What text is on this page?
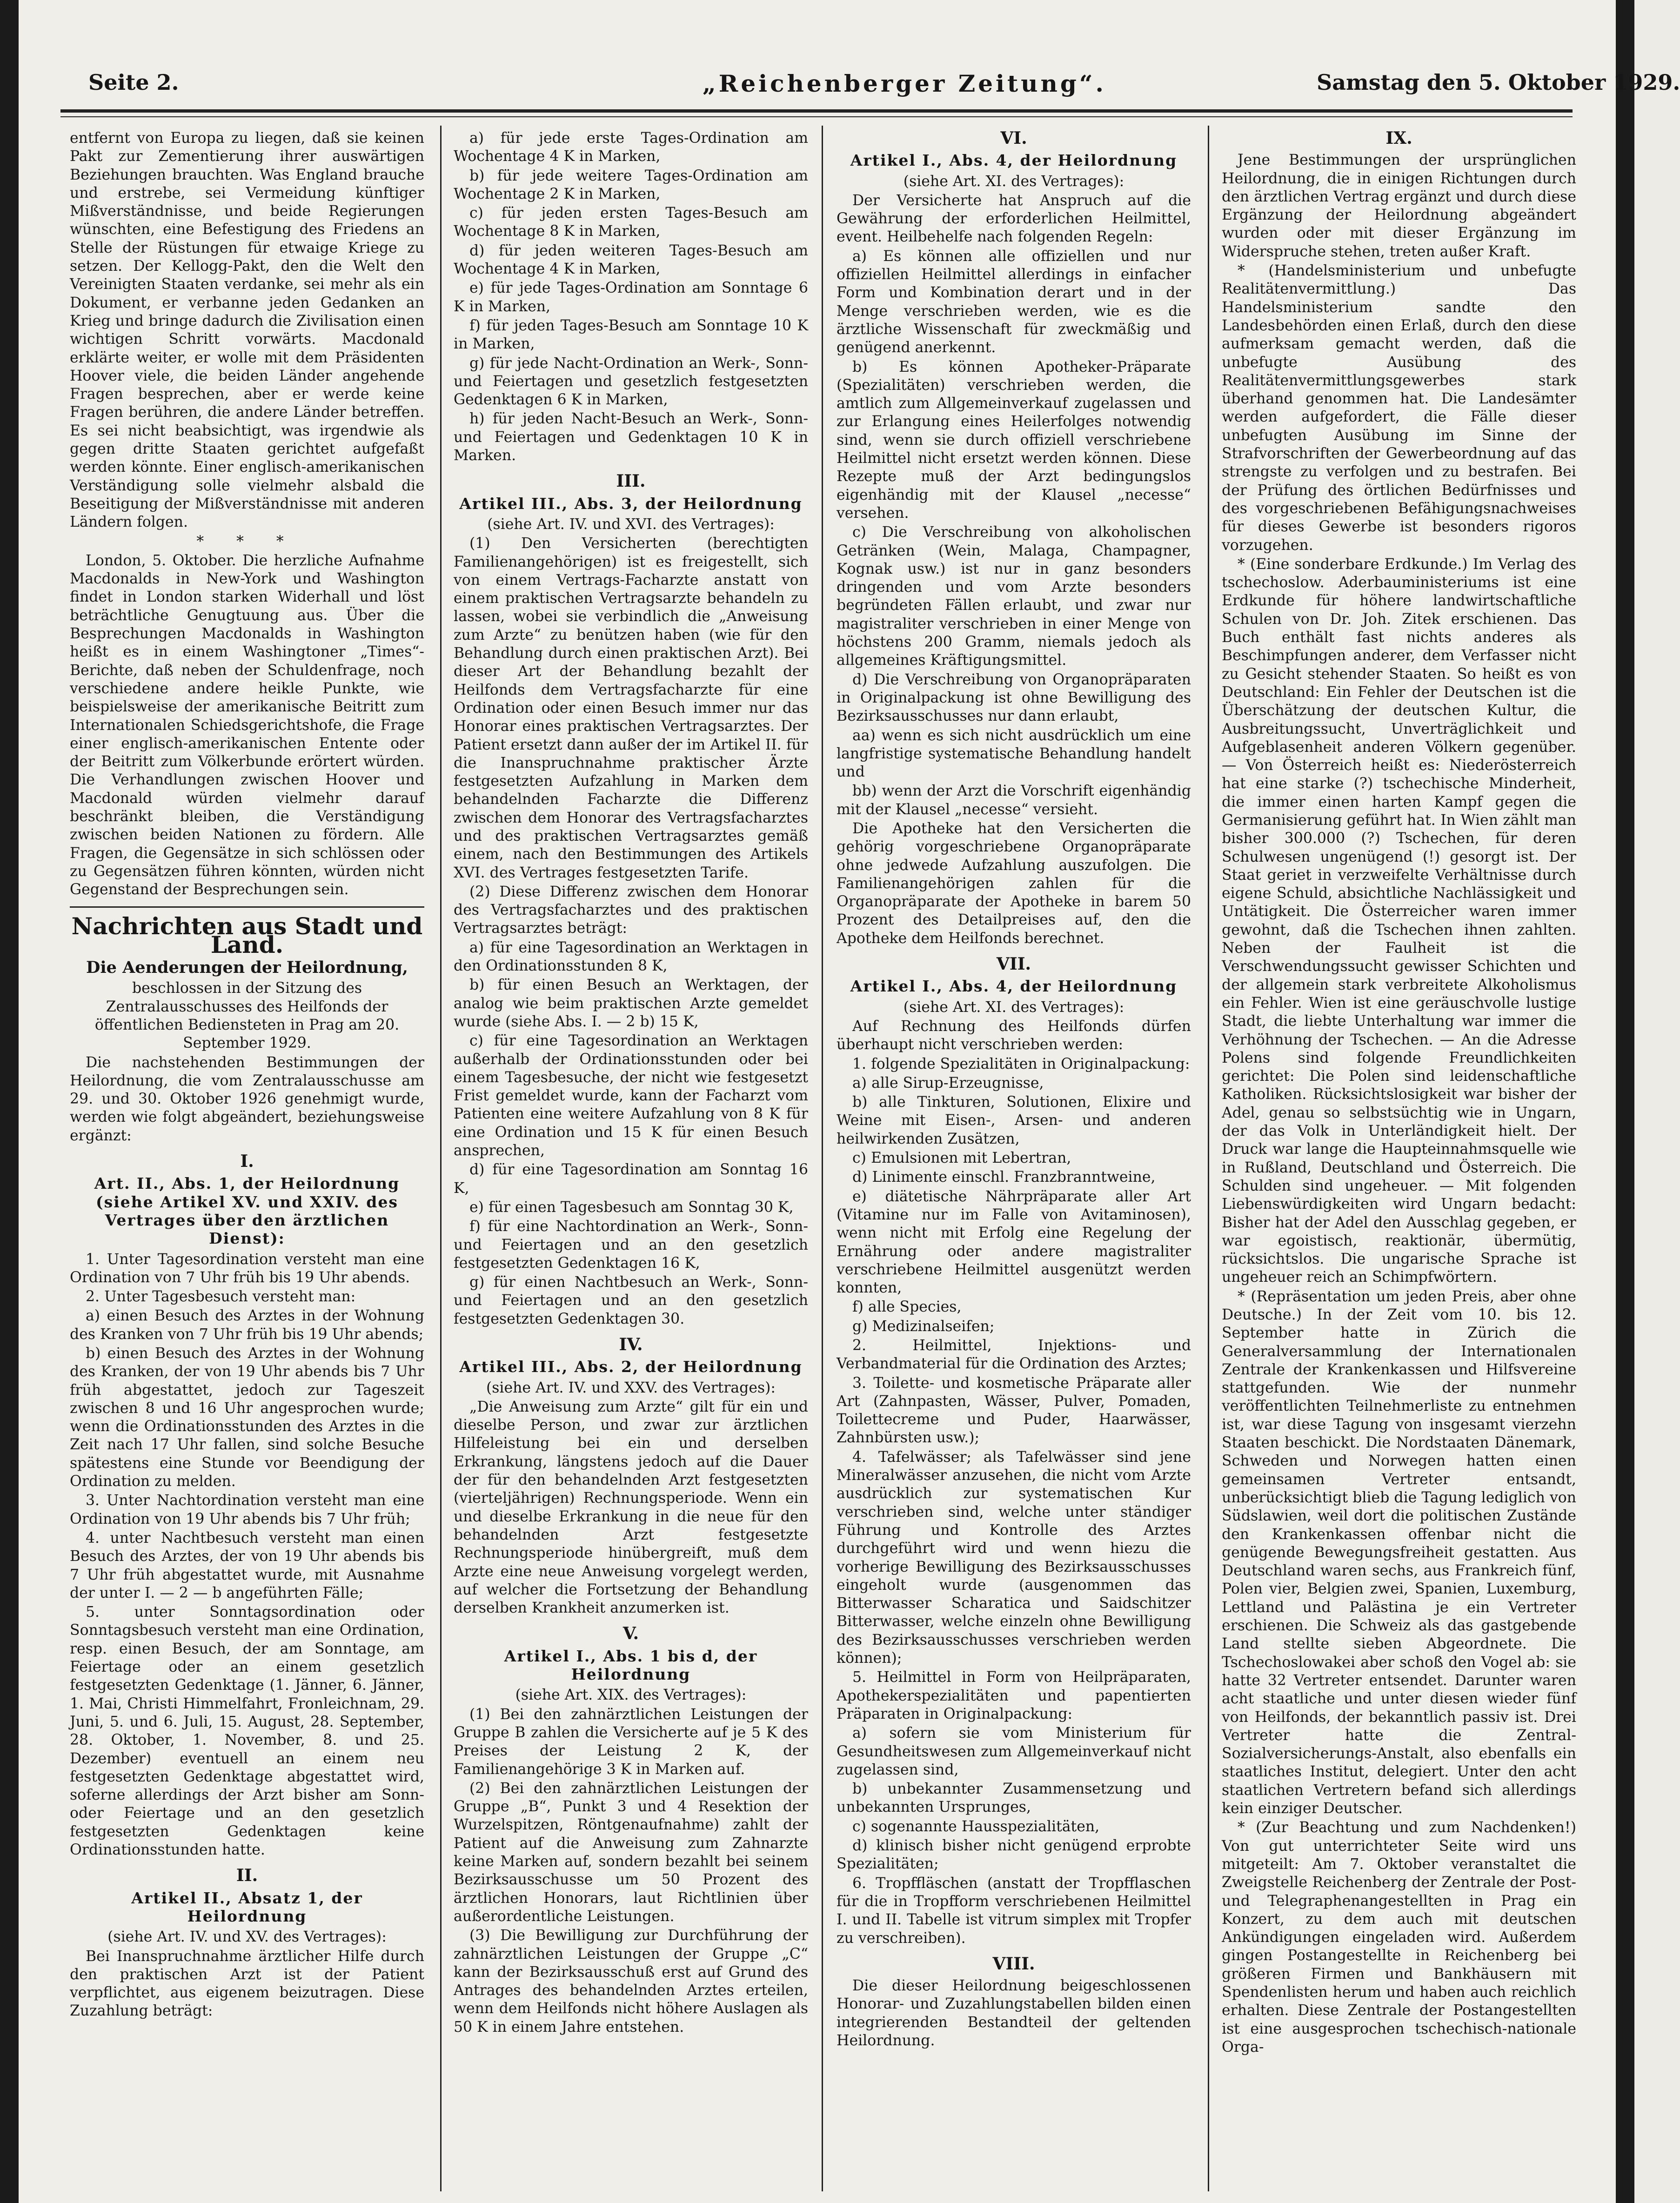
Seite 2.	„Reichenberger Zeitung“.	Samstag den 5. Oktober 1929.

entfernt von Europa zu liegen, daß sie keinen Pakt zur Zementierung ihrer auswärtigen Beziehungen brauchten. Was England brauche und erstrebe, sei Vermeidung künftiger Mißverständnisse, und beide Regierungen wünschten, eine Befestigung des Friedens an Stelle der Rüstungen für etwaige Kriege zu setzen. Der Kellogg-Pakt, den die Welt den Vereinigten Staaten verdanke, sei mehr als ein Dokument, er verbanne jeden Gedanken an Krieg und bringe dadurch die Zivilisation einen wichtigen Schritt vorwärts. Macdonald erklärte weiter, er wolle mit dem Präsidenten Hoover viele, die beiden Länder angehende Fragen besprechen, aber er werde keine Fragen berühren, die andere Länder betreffen. Es sei nicht beabsichtigt, was irgendwie als gegen dritte Staaten gerichtet aufgefaßt werden könnte. Einer englisch-amerikanischen Verständigung solle vielmehr alsbald die Beseitigung der Mißverständnisse mit anderen Ländern folgen.

* * *

London, 5. Oktober. Die herzliche Aufnahme Macdonalds in New-York und Washington findet in London starken Widerhall und löst beträchtliche Genugtuung aus. Über die Besprechungen Macdonalds in Washington heißt es in einem Washingtoner „Times“-Berichte, daß neben der Schuldenfrage, noch verschiedene andere heikle Punkte, wie beispielsweise der amerikanische Beitritt zum Internationalen Schiedsgerichtshofe, die Frage einer englisch-amerikanischen Entente oder der Beitritt zum Völkerbunde erörtert würden. Die Verhandlungen zwischen Hoover und Macdonald würden vielmehr darauf beschränkt bleiben, die Verständigung zwischen beiden Nationen zu fördern. Alle Fragen, die Gegensätze in sich schlössen oder zu Gegensätzen führen könnten, würden nicht Gegenstand der Besprechungen sein.

Nachrichten aus Stadt und Land.
Die Aenderungen der Heilordnung,

beschlossen in der Sitzung des Zentralausschusses des Heilfonds der öffentlichen Bediensteten in Prag am 20. September 1929.

Die nachstehenden Bestimmungen der Heilordnung, die vom Zentralausschusse am 29. und 30. Oktober 1926 genehmigt wurde, werden wie folgt abgeändert, beziehungsweise ergänzt:

I.
Art. II., Abs. 1, der Heilordnung (siehe Artikel XV. und XXIV. des Vertrages über den ärztlichen Dienst):

1. Unter Tagesordination versteht man eine Ordination von 7 Uhr früh bis 19 Uhr abends.

2. Unter Tagesbesuch versteht man:

a) einen Besuch des Arztes in der Wohnung des Kranken von 7 Uhr früh bis 19 Uhr abends;

b) einen Besuch des Arztes in der Wohnung des Kranken, der von 19 Uhr abends bis 7 Uhr früh abgestattet, jedoch zur Tageszeit zwischen 8 und 16 Uhr angesprochen wurde; wenn die Ordinationsstunden des Arztes in die Zeit nach 17 Uhr fallen, sind solche Besuche spätestens eine Stunde vor Beendigung der Ordination zu melden.

3. Unter Nachtordination versteht man eine Ordination von 19 Uhr abends bis 7 Uhr früh;

4. unter Nachtbesuch versteht man einen Besuch des Arztes, der von 19 Uhr abends bis 7 Uhr früh abgestattet wurde, mit Ausnahme der unter I. — 2 — b angeführten Fälle;

5. unter Sonntagsordination oder Sonntagsbesuch versteht man eine Ordination, resp. einen Besuch, der am Sonntage, am Feiertage oder an einem gesetzlich festgesetzten Gedenktage (1. Jänner, 6. Jänner, 1. Mai, Christi Himmelfahrt, Fronleichnam, 29. Juni, 5. und 6. Juli, 15. August, 28. September, 28. Oktober, 1. November, 8. und 25. Dezember) eventuell an einem neu festgesetzten Gedenktage abgestattet wird, soferne allerdings der Arzt bisher am Sonn- oder Feiertage und an den gesetzlich festgesetzten Gedenktagen keine Ordinationsstunden hatte.

II.
Artikel II., Absatz 1, der Heilordnung

(siehe Art. IV. und XV. des Vertrages):

Bei Inanspruchnahme ärztlicher Hilfe durch den praktischen Arzt ist der Patient verpflichtet, aus eigenem beizutragen. Diese Zuzahlung beträgt:

a) für jede erste Tages-Ordination am Wochentage 4 K in Marken,

b) für jede weitere Tages-Ordination am Wochentage 2 K in Marken,

c) für jeden ersten Tages-Besuch am Wochentage 8 K in Marken,

d) für jeden weiteren Tages-Besuch am Wochentage 4 K in Marken,

e) für jede Tages-Ordination am Sonntage 6 K in Marken,

f) für jeden Tages-Besuch am Sonntage 10 K in Marken,

g) für jede Nacht-Ordination an Werk-, Sonn- und Feiertagen und gesetzlich festgesetzten Gedenktagen 6 K in Marken,

h) für jeden Nacht-Besuch an Werk-, Sonn- und Feiertagen und Gedenktagen 10 K in Marken.

III.
Artikel III., Abs. 3, der Heilordnung

(siehe Art. IV. und XVI. des Vertrages):

(1) Den Versicherten (berechtigten Familienangehörigen) ist es freigestellt, sich von einem Vertrags-Facharzte anstatt von einem praktischen Vertragsarzte behandeln zu lassen, wobei sie verbindlich die „Anweisung zum Arzte“ zu benützen haben (wie für den Behandlung durch einen praktischen Arzt). Bei dieser Art der Behandlung bezahlt der Heilfonds dem Vertragsfacharzte für eine Ordination oder einen Besuch immer nur das Honorar eines praktischen Vertragsarztes. Der Patient ersetzt dann außer der im Artikel II. für die Inanspruchnahme praktischer Ärzte festgesetzten Aufzahlung in Marken dem behandelnden Facharzte die Differenz zwischen dem Honorar des Vertragsfacharztes und des praktischen Vertragsarztes gemäß einem, nach den Bestimmungen des Artikels XVI. des Vertrages festgesetzten Tarife.

(2) Diese Differenz zwischen dem Honorar des Vertragsfacharztes und des praktischen Vertragsarztes beträgt:

a) für eine Tagesordination an Werktagen in den Ordinationsstunden 8 K,

b) für einen Besuch an Werktagen, der analog wie beim praktischen Arzte gemeldet wurde (siehe Abs. I. — 2 b) 15 K,

c) für eine Tagesordination an Werktagen außerhalb der Ordinationsstunden oder bei einem Tagesbesuche, der nicht wie festgesetzt Frist gemeldet wurde, kann der Facharzt vom Patienten eine weitere Aufzahlung von 8 K für eine Ordination und 15 K für einen Besuch ansprechen,

d) für eine Tagesordination am Sonntag 16 K,

e) für einen Tagesbesuch am Sonntag 30 K,

f) für eine Nachtordination an Werk-, Sonn- und Feiertagen und an den gesetzlich festgesetzten Gedenktagen 16 K,

g) für einen Nachtbesuch an Werk-, Sonn- und Feiertagen und an den gesetzlich festgesetzten Gedenktagen 30.

IV.
Artikel III., Abs. 2, der Heilordnung

(siehe Art. IV. und XXV. des Vertrages):

„Die Anweisung zum Arzte“ gilt für ein und dieselbe Person, und zwar zur ärztlichen Hilfeleistung bei ein und derselben Erkrankung, längstens jedoch auf die Dauer der für den behandelnden Arzt festgesetzten (vierteljährigen) Rechnungsperiode. Wenn ein und dieselbe Erkrankung in die neue für den behandelnden Arzt festgesetzte Rechnungsperiode hinübergreift, muß dem Arzte eine neue Anweisung vorgelegt werden, auf welcher die Fortsetzung der Behandlung derselben Krankheit anzumerken ist.

V.
Artikel I., Abs. 1 bis d, der Heilordnung

(siehe Art. XIX. des Vertrages):

(1) Bei den zahnärztlichen Leistungen der Gruppe B zahlen die Versicherte auf je 5 K des Preises der Leistung 2 K, der Familienangehörige 3 K in Marken auf.

(2) Bei den zahnärztlichen Leistungen der Gruppe „B“, Punkt 3 und 4 Resektion der Wurzelspitzen, Röntgenaufnahme) zahlt der Patient auf die Anweisung zum Zahnarzte keine Marken auf, sondern bezahlt bei seinem Bezirksausschusse um 50 Prozent des ärztlichen Honorars, laut Richtlinien über außerordentliche Leistungen.

(3) Die Bewilligung zur Durchführung der zahnärztlichen Leistungen der Gruppe „C“ kann der Bezirksausschuß erst auf Grund des Antrages des behandelnden Arztes erteilen, wenn dem Heilfonds nicht höhere Auslagen als 50 K in einem Jahre entstehen.

VI.
Artikel I., Abs. 4, der Heilordnung

(siehe Art. XI. des Vertrages):

Der Versicherte hat Anspruch auf die Gewährung der erforderlichen Heilmittel, event. Heilbehelfe nach folgenden Regeln:

a) Es können alle offiziellen und nur offiziellen Heilmittel allerdings in einfacher Form und Kombination derart und in der Menge verschrieben werden, wie es die ärztliche Wissenschaft für zweckmäßig und genügend anerkennt.

b) Es können Apotheker-Präparate (Spezialitäten) verschrieben werden, die amtlich zum Allgemeinverkauf zugelassen und zur Erlangung eines Heilerfolges notwendig sind, wenn sie durch offiziell verschriebene Heilmittel nicht ersetzt werden können. Diese Rezepte muß der Arzt bedingungslos eigenhändig mit der Klausel „necesse“ versehen.

c) Die Verschreibung von alkoholischen Getränken (Wein, Malaga, Champagner, Kognak usw.) ist nur in ganz besonders dringenden und vom Arzte besonders begründeten Fällen erlaubt, und zwar nur magistraliter verschrieben in einer Menge von höchstens 200 Gramm, niemals jedoch als allgemeines Kräftigungsmittel.

d) Die Verschreibung von Organopräparaten in Originalpackung ist ohne Bewilligung des Bezirksausschusses nur dann erlaubt,

aa) wenn es sich nicht ausdrücklich um eine langfristige systematische Behandlung handelt und

bb) wenn der Arzt die Vorschrift eigenhändig mit der Klausel „necesse“ versieht.

Die Apotheke hat den Versicherten die gehörig vorgeschriebene Organopräparate ohne jedwede Aufzahlung auszufolgen. Die Familienangehörigen zahlen für die Organopräparate der Apotheke in barem 50 Prozent des Detailpreises auf, den die Apotheke dem Heilfonds berechnet.

VII.
Artikel I., Abs. 4, der Heilordnung

(siehe Art. XI. des Vertrages):

Auf Rechnung des Heilfonds dürfen überhaupt nicht verschrieben werden:

1. folgende Spezialitäten in Originalpackung:

a) alle Sirup-Erzeugnisse,

b) alle Tinkturen, Solutionen, Elixire und Weine mit Eisen-, Arsen- und anderen heilwirkenden Zusätzen,

c) Emulsionen mit Lebertran,

d) Linimente einschl. Franzbranntweine,

e) diätetische Nährpräparate aller Art (Vitamine nur im Falle von Avitaminosen), wenn nicht mit Erfolg eine Regelung der Ernährung oder andere magistraliter verschriebene Heilmittel ausgenützt werden konnten,

f) alle Species,

g) Medizinalseifen;

2. Heilmittel, Injektions- und Verbandmaterial für die Ordination des Arztes;

3. Toilette- und kosmetische Präparate aller Art (Zahnpasten, Wässer, Pulver, Pomaden, Toilettecreme und Puder, Haarwässer, Zahnbürsten usw.);

4. Tafelwässer; als Tafelwässer sind jene Mineralwässer anzusehen, die nicht vom Arzte ausdrücklich zur systematischen Kur verschrieben sind, welche unter ständiger Führung und Kontrolle des Arztes durchgeführt wird und wenn hiezu die vorherige Bewilligung des Bezirksausschusses eingeholt wurde (ausgenommen das Bitterwasser Scharatica und Saidschitzer Bitterwasser, welche einzeln ohne Bewilligung des Bezirksausschusses verschrieben werden können);

5. Heilmittel in Form von Heilpräparaten, Apothekerspezialitäten und papentierten Präparaten in Originalpackung:

a) sofern sie vom Ministerium für Gesundheitswesen zum Allgemeinverkauf nicht zugelassen sind,

b) unbekannter Zusammensetzung und unbekannten Ursprunges,

c) sogenannte Hausspezialitäten,

d) klinisch bisher nicht genügend erprobte Spezialitäten;

6. Tropffläschen (anstatt der Tropfflaschen für die in Tropfform verschriebenen Heilmittel I. und II. Tabelle ist vitrum simplex mit Tropfer zu verschreiben).

VIII.

Die dieser Heilordnung beigeschlossenen Honorar- und Zuzahlungstabellen bilden einen integrierenden Bestandteil der geltenden Heilordnung.

IX.

Jene Bestimmungen der ursprünglichen Heilordnung, die in einigen Richtungen durch den ärztlichen Vertrag ergänzt und durch diese Ergänzung der Heilordnung abgeändert wurden oder mit dieser Ergänzung im Widerspruche stehen, treten außer Kraft.

* (Handelsministerium und unbefugte Realitätenvermittlung.) Das Handelsministerium sandte den Landesbehörden einen Erlaß, durch den diese aufmerksam gemacht werden, daß die unbefugte Ausübung des Realitätenvermittlungsgewerbes stark überhand genommen hat. Die Landesämter werden aufgefordert, die Fälle dieser unbefugten Ausübung im Sinne der Strafvorschriften der Gewerbeordnung auf das strengste zu verfolgen und zu bestrafen. Bei der Prüfung des örtlichen Bedürfnisses und des vorgeschriebenen Befähigungsnachweises für dieses Gewerbe ist besonders rigoros vorzugehen.

* (Eine sonderbare Erdkunde.) Im Verlag des tschechoslow. Aderbauministeriums ist eine Erdkunde für höhere landwirtschaftliche Schulen von Dr. Joh. Zitek erschienen. Das Buch enthält fast nichts anderes als Beschimpfungen anderer, dem Verfasser nicht zu Gesicht stehender Staaten. So heißt es von Deutschland: Ein Fehler der Deutschen ist die Überschätzung der deutschen Kultur, die Ausbreitungssucht, Unverträglichkeit und Aufgeblasenheit anderen Völkern gegenüber. — Von Österreich heißt es: Niederösterreich hat eine starke (?) tschechische Minderheit, die immer einen harten Kampf gegen die Germanisierung geführt hat. In Wien zählt man bisher 300.000 (?) Tschechen, für deren Schulwesen ungenügend (!) gesorgt ist. Der Staat geriet in verzweifelte Verhältnisse durch eigene Schuld, absichtliche Nachlässigkeit und Untätigkeit. Die Österreicher waren immer gewohnt, daß die Tschechen ihnen zahlten. Neben der Faulheit ist die Verschwendungssucht gewisser Schichten und der allgemein stark verbreitete Alkoholismus ein Fehler. Wien ist eine geräuschvolle lustige Stadt, die liebte Unterhaltung war immer die Verhöhnung der Tschechen. — An die Adresse Polens sind folgende Freundlichkeiten gerichtet: Die Polen sind leidenschaftliche Katholiken. Rücksichtslosigkeit war bisher der Adel, genau so selbstsüchtig wie in Ungarn, der das Volk in Unterländigkeit hielt. Der Druck war lange die Haupteinnahmsquelle wie in Rußland, Deutschland und Österreich. Die Schulden sind ungeheuer. — Mit folgenden Liebenswürdigkeiten wird Ungarn bedacht: Bisher hat der Adel den Ausschlag gegeben, er war egoistisch, reaktionär, übermütig, rücksichtslos. Die ungarische Sprache ist ungeheuer reich an Schimpfwörtern.

* (Repräsentation um jeden Preis, aber ohne Deutsche.) In der Zeit vom 10. bis 12. September hatte in Zürich die Generalversammlung der Internationalen Zentrale der Krankenkassen und Hilfsvereine stattgefunden. Wie der nunmehr veröffentlichten Teilnehmerliste zu entnehmen ist, war diese Tagung von insgesamt vierzehn Staaten beschickt. Die Nordstaaten Dänemark, Schweden und Norwegen hatten einen gemeinsamen Vertreter entsandt, unberücksichtigt blieb die Tagung lediglich von Südslawien, weil dort die politischen Zustände den Krankenkassen offenbar nicht die genügende Bewegungsfreiheit gestatten. Aus Deutschland waren sechs, aus Frankreich fünf, Polen vier, Belgien zwei, Spanien, Luxemburg, Lettland und Palästina je ein Vertreter erschienen. Die Schweiz als das gastgebende Land stellte sieben Abgeordnete. Die Tschechoslowakei aber schoß den Vogel ab: sie hatte 32 Vertreter entsendet. Darunter waren acht staatliche und unter diesen wieder fünf von Heilfonds, der bekanntlich passiv ist. Drei Vertreter hatte die Zentral-Sozialversicherungs-Anstalt, also ebenfalls ein staatliches Institut, delegiert. Unter den acht staatlichen Vertretern befand sich allerdings kein einziger Deutscher.

* (Zur Beachtung und zum Nachdenken!) Von gut unterrichteter Seite wird uns mitgeteilt: Am 7. Oktober veranstaltet die Zweigstelle Reichenberg der Zentrale der Post- und Telegraphenangestellten in Prag ein Konzert, zu dem auch mit deutschen Ankündigungen eingeladen wird. Außerdem gingen Postangestellte in Reichenberg bei größeren Firmen und Bankhäusern mit Spendenlisten herum und haben auch reichlich erhalten. Diese Zentrale der Postangestellten ist eine ausgesprochen tschechisch-nationale Orga-
